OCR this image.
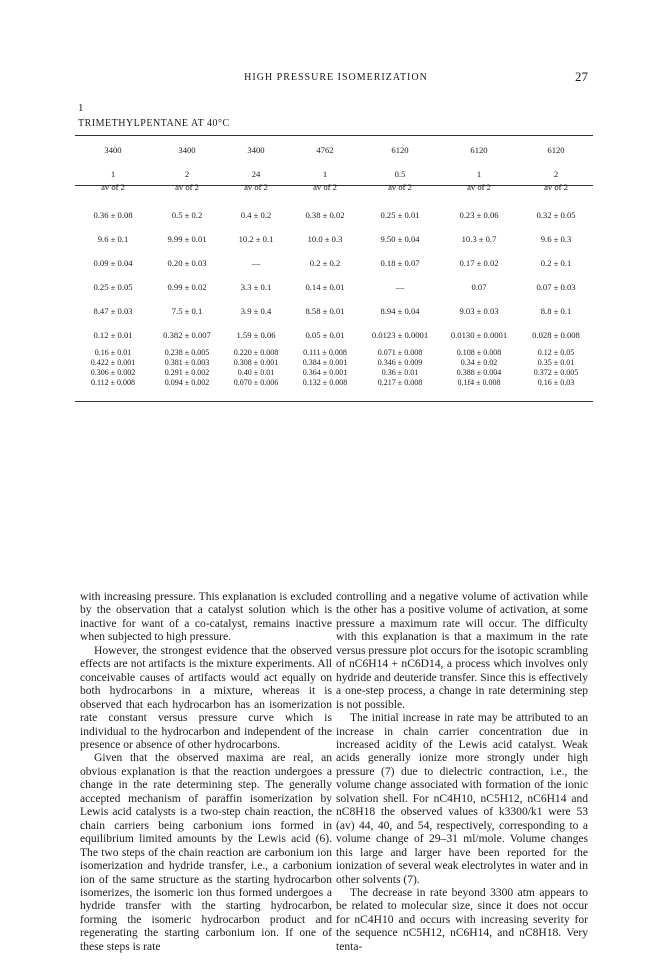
HIGH PRESSURE ISOMERIZATION	27
1
TRIMETHYLPENTANE AT 40°C
3400	3400	3400	4762	6120	6120	6120

1	2	24	1	0.5	1	2
av of 2	av of 2	av of 2	av of 2	av of 2	av of 2	av of 2

0.36 ± 0.08	0.5 ± 0.2	0.4 ± 0.2	0.38 ± 0.02	0.25 ± 0.01	0.23 ± 0.06	0.32 ± 0.05
9.6 ± 0.1	9.99 ± 0.01	10.2 ± 0.1	10.0 ± 0.3	9.50 ± 0.04	10.3 ± 0.7	9.6 ± 0.3
0.09 ± 0.04	0.20 ± 0.03	—	0.2 ± 0.2	0.18 ± 0.07	0.17 ± 0.02	0.2 ± 0.1
0.25 ± 0.05	0.99 ± 0.02	3.3 ± 0.1	0.14 ± 0.01	—	0.07	0.07 ± 0.03
8.47 ± 0.03	7.5 ± 0.1	3.9 ± 0.4	8.58 ± 0.01	8.94 ± 0.04	9.03 ± 0.03	8.8 ± 0.1
0.12 ± 0.01	0.382 ± 0.007	1.59 ± 0.06	0.05 ± 0.01	0.0123 ± 0.0001	0.0130 ± 0.0001	0.028 ± 0.008
0.16 ± 0.01	0.238 ± 0.005	0.220 ± 0.008	0.111 ± 0.008	0.071 ± 0.008	0.108 ± 0.008	0.12 ± 0.05
0.422 ± 0.001	0.381 ± 0.003	0.308 ± 0.001	0.384 ± 0.001	0.346 ± 0.009	0.34 ± 0.02	0.35 ± 0.01
0.306 ± 0.002	0.291 ± 0.002	0.40 ± 0.01	0.364 ± 0.001	0.36 ± 0.01	0.388 ± 0.004	0.372 ± 0.005
0.112 ± 0.008	0.094 ± 0.002	0.070 ± 0.006	0.132 ± 0.008	0.217 ± 0.008	0.1f4 ± 0.008	0.16 ± 0.03

with increasing pressure. This explanation is excluded by the observation that a catalyst solution which is inactive for want of a co-catalyst, remains inactive when subjected to high pressure.

However, the strongest evidence that the observed effects are not artifacts is the mixture experiments. All conceivable causes of artifacts would act equally on both hydrocarbons in a mixture, whereas it is observed that each hydrocarbon has an isomerization rate constant versus pressure curve which is individual to the hydrocarbon and independent of the presence or absence of other hydrocarbons.

Given that the observed maxima are real, an obvious explanation is that the reaction undergoes a change in the rate determining step. The generally accepted mechanism of paraffin isomerization by Lewis acid catalysts is a two-step chain reaction, the chain carriers being carbonium ions formed in equilibrium limited amounts by the Lewis acid (6). The two steps of the chain reaction are carbonium ion isomerization and hydride transfer, i.e., a carbonium ion of the same structure as the starting hydrocarbon isomerizes, the isomeric ion thus formed undergoes a hydride transfer with the starting hydrocarbon, forming the isomeric hydrocarbon product and regenerating the starting carbonium ion. If one of these steps is rate

controlling and a negative volume of activation while the other has a positive volume of activation, at some pressure a maximum rate will occur. The difficulty with this explanation is that a maximum in the rate versus pressure plot occurs for the isotopic scrambling of nC6H14 + nC6D14, a process which involves only hydride and deuteride transfer. Since this is effectively a one-step process, a change in rate determining step is not possible.

The initial increase in rate may be attributed to an increase in chain carrier concentration due in increased acidity of the Lewis acid catalyst. Weak acids generally ionize more strongly under high pressure (7) due to dielectric contraction, i.e., the volume change associated with formation of the ionic solvation shell. For nC4H10, nC5H12, nC6H14 and nC8H18 the observed values of k3300/k1 were 53 (av) 44, 40, and 54, respectively, corresponding to a volume change of 29–31 ml/mole. Volume changes this large and larger have been reported for the ionization of several weak electrolytes in water and in other solvents (7).

The decrease in rate beyond 3300 atm appears to be related to molecular size, since it does not occur for nC4H10 and occurs with increasing severity for the sequence nC5H12, nC6H14, and nC8H18. Very tenta-
